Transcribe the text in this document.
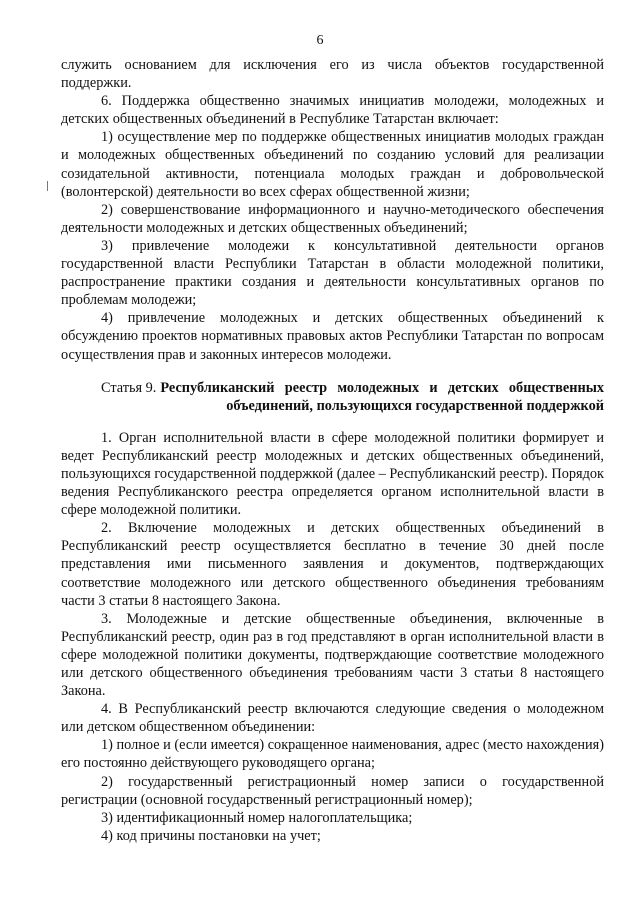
6

служить основанием для исключения его из числа объектов государственной поддержки.

6. Поддержка общественно значимых инициатив молодежи, молодежных и детских общественных объединений в Республике Татарстан включает:

1) осуществление мер по поддержке общественных инициатив молодых граждан и молодежных общественных объединений по созданию условий для реализации созидательной активности, потенциала молодых граждан и добровольческой (волонтерской) деятельности во всех сферах общественной жизни;

2) совершенствование информационного и научно-методического обеспечения деятельности молодежных и детских общественных объединений;

3) привлечение молодежи к консультативной деятельности органов государственной власти Республики Татарстан в области молодежной политики, распространение практики создания и деятельности консультативных органов по проблемам молодежи;

4) привлечение молодежных и детских общественных объединений к обсуждению проектов нормативных правовых актов Республики Татарстан по вопросам осуществления прав и законных интересов молодежи.

Статья 9. Республиканский реестр молодежных и детских общественных объединений, пользующихся государственной поддержкой

1. Орган исполнительной власти в сфере молодежной политики формирует и ведет Республиканский реестр молодежных и детских общественных объединений, пользующихся государственной поддержкой (далее – Республиканский реестр). Порядок ведения Республиканского реестра определяется органом исполнительной власти в сфере молодежной политики.

2. Включение молодежных и детских общественных объединений в Республиканский реестр осуществляется бесплатно в течение 30 дней после представления ими письменного заявления и документов, подтверждающих соответствие молодежного или детского общественного объединения требованиям части 3 статьи 8 настоящего Закона.

3. Молодежные и детские общественные объединения, включенные в Республиканский реестр, один раз в год представляют в орган исполнительной власти в сфере молодежной политики документы, подтверждающие соответствие молодежного или детского общественного объединения требованиям части 3 статьи 8 настоящего Закона.

4. В Республиканский реестр включаются следующие сведения о молодежном или детском общественном объединении:

1) полное и (если имеется) сокращенное наименования, адрес (место нахождения) его постоянно действующего руководящего органа;

2) государственный регистрационный номер записи о государственной регистрации (основной государственный регистрационный номер);

3) идентификационный номер налогоплательщика;

4) код причины постановки на учет;
